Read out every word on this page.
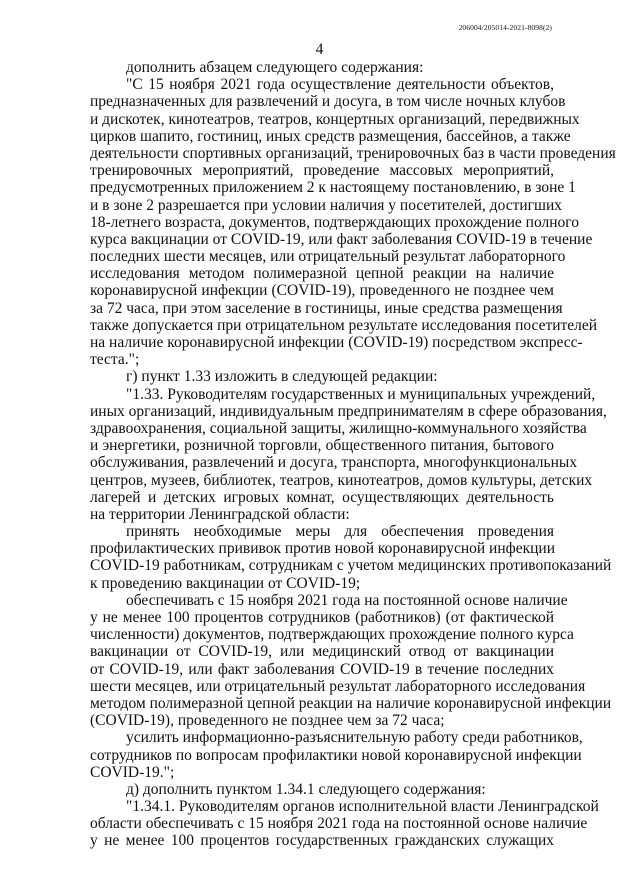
206004/205014-2021-8098(2)
4
дополнить абзацем следующего содержания:
"С 15 ноября 2021 года осуществление деятельности объектов,
предназначенных для развлечений и досуга, в том числе ночных клубов
и дискотек, кинотеатров, театров, концертных организаций, передвижных
цирков шапито, гостиниц, иных средств размещения, бассейнов, а также
деятельности спортивных организаций, тренировочных баз в части проведения
тренировочных мероприятий, проведение массовых мероприятий,
предусмотренных приложением 2 к настоящему постановлению, в зоне 1
и в зоне 2 разрешается при условии наличия у посетителей, достигших
18-летнего возраста, документов, подтверждающих прохождение полного
курса вакцинации от COVID-19, или факт заболевания COVID-19 в течение
последних шести месяцев, или отрицательный результат лабораторного
исследования методом полимеразной цепной реакции на наличие
коронавирусной инфекции (COVID-19), проведенного не позднее чем
за 72 часа, при этом заселение в гостиницы, иные средства размещения
также допускается при отрицательном результате исследования посетителей
на наличие коронавирусной инфекции (COVID-19) посредством экспресс-
теста.";
г) пункт 1.33 изложить в следующей редакции:
"1.33. Руководителям государственных и муниципальных учреждений,
иных организаций, индивидуальным предпринимателям в сфере образования,
здравоохранения, социальной защиты, жилищно-коммунального хозяйства
и энергетики, розничной торговли, общественного питания, бытового
обслуживания, развлечений и досуга, транспорта, многофункциональных
центров, музеев, библиотек, театров, кинотеатров, домов культуры, детских
лагерей и детских игровых комнат, осуществляющих деятельность
на территории Ленинградской области:
принять необходимые меры для обеспечения проведения
профилактических прививок против новой коронавирусной инфекции
COVID-19 работникам, сотрудникам с учетом медицинских противопоказаний
к проведению вакцинации от COVID-19;
обеспечивать с 15 ноября 2021 года на постоянной основе наличие
у не менее 100 процентов сотрудников (работников) (от фактической
численности) документов, подтверждающих прохождение полного курса
вакцинации от COVID-19, или медицинский отвод от вакцинации
от COVID-19, или факт заболевания COVID-19 в течение последних
шести месяцев, или отрицательный результат лабораторного исследования
методом полимеразной цепной реакции на наличие коронавирусной инфекции
(COVID-19), проведенного не позднее чем за 72 часа;
усилить информационно-разъяснительную работу среди работников,
сотрудников по вопросам профилактики новой коронавирусной инфекции
COVID-19.";
д) дополнить пунктом 1.34.1 следующего содержания:
"1.34.1. Руководителям органов исполнительной власти Ленинградской
области обеспечивать с 15 ноября 2021 года на постоянной основе наличие
у не менее 100 процентов государственных гражданских служащих
